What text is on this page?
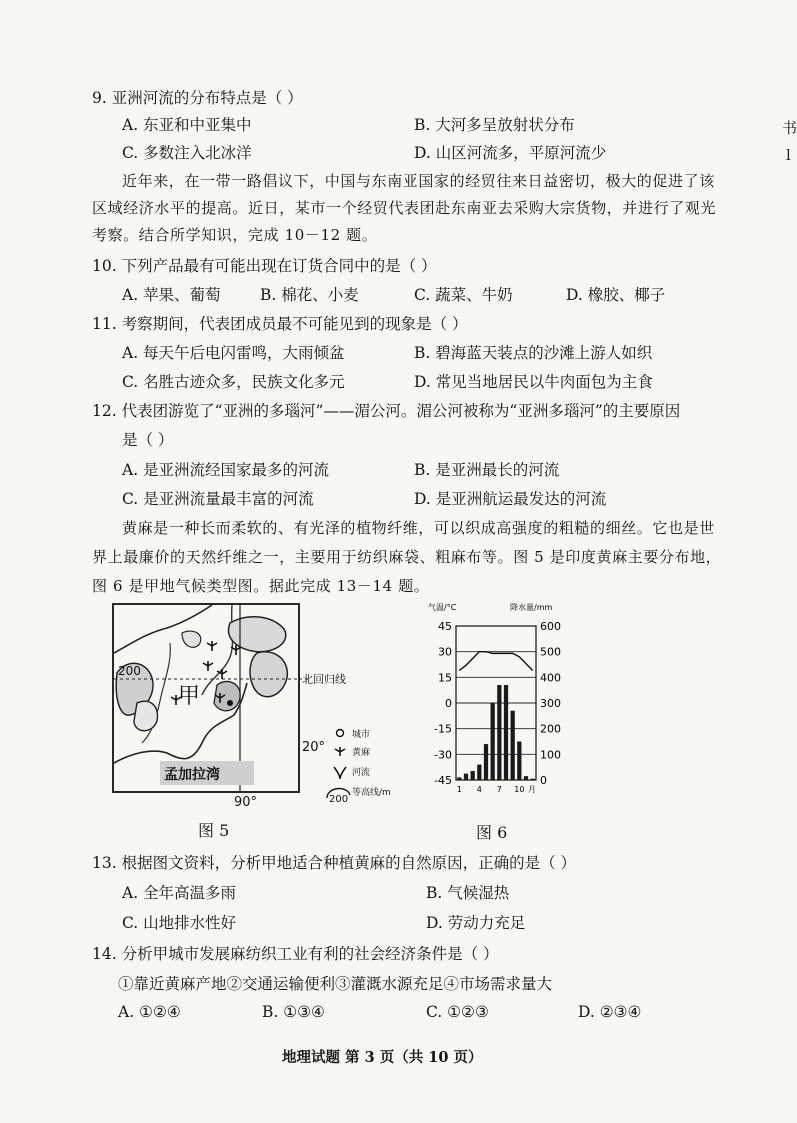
9. 亚洲河流的分布特点是（ ）
A. 东亚和中亚集中	B. 大河多呈放射状分布
C. 多数注入北冰洋	D. 山区河流多，平原河流少
书
l
近年来，在一带一路倡议下，中国与东南亚国家的经贸往来日益密切，极大的促进了该
区域经济水平的提高。近日，某市一个经贸代表团赴东南亚去采购大宗货物，并进行了观光
考察。结合所学知识，完成 10－12 题。
10. 下列产品最有可能出现在订货合同中的是（ ）
A. 苹果、葡萄	B. 棉花、小麦	C. 蔬菜、牛奶	D. 橡胶、椰子
11. 考察期间，代表团成员最不可能见到的现象是（ ）
A. 每天午后电闪雷鸣，大雨倾盆	B. 碧海蓝天装点的沙滩上游人如织
C. 名胜古迹众多，民族文化多元	D. 常见当地居民以牛肉面包为主食
12. 代表团游览了“亚洲的多瑙河”——湄公河。湄公河被称为“亚洲多瑙河”的主要原因
是（ ）
A. 是亚洲流经国家最多的河流	B. 是亚洲最长的河流
C. 是亚洲流量最丰富的河流	D. 是亚洲航运最发达的河流
黄麻是一种长而柔软的、有光泽的植物纤维，可以织成高强度的粗糙的细丝。它也是世
界上最廉价的天然纤维之一，主要用于纺织麻袋、粗麻布等。图 5 是印度黄麻主要分布地，
图 6 是甲地气候类型图。据此完成 13－14 题。
200
甲
北回归线
20°
90°
孟加拉湾
城市
黄麻
河流
200
等高线/m
图 5
气温/°C	降水量/mm
45
30
15
0
-15
-30
-45
600
500
400
300
200
100
0
1 4 7 10 月
图 6
13. 根据图文资料，分析甲地适合种植黄麻的自然原因，正确的是（ ）
A. 全年高温多雨	B. 气候湿热
C. 山地排水性好	D. 劳动力充足
14. 分析甲城市发展麻纺织工业有利的社会经济条件是（ ）
①靠近黄麻产地②交通运输便利③灌溉水源充足④市场需求量大
A. ①②④	B. ①③④	C. ①②③	D. ②③④
地理试题 第 3 页（共 10 页）
